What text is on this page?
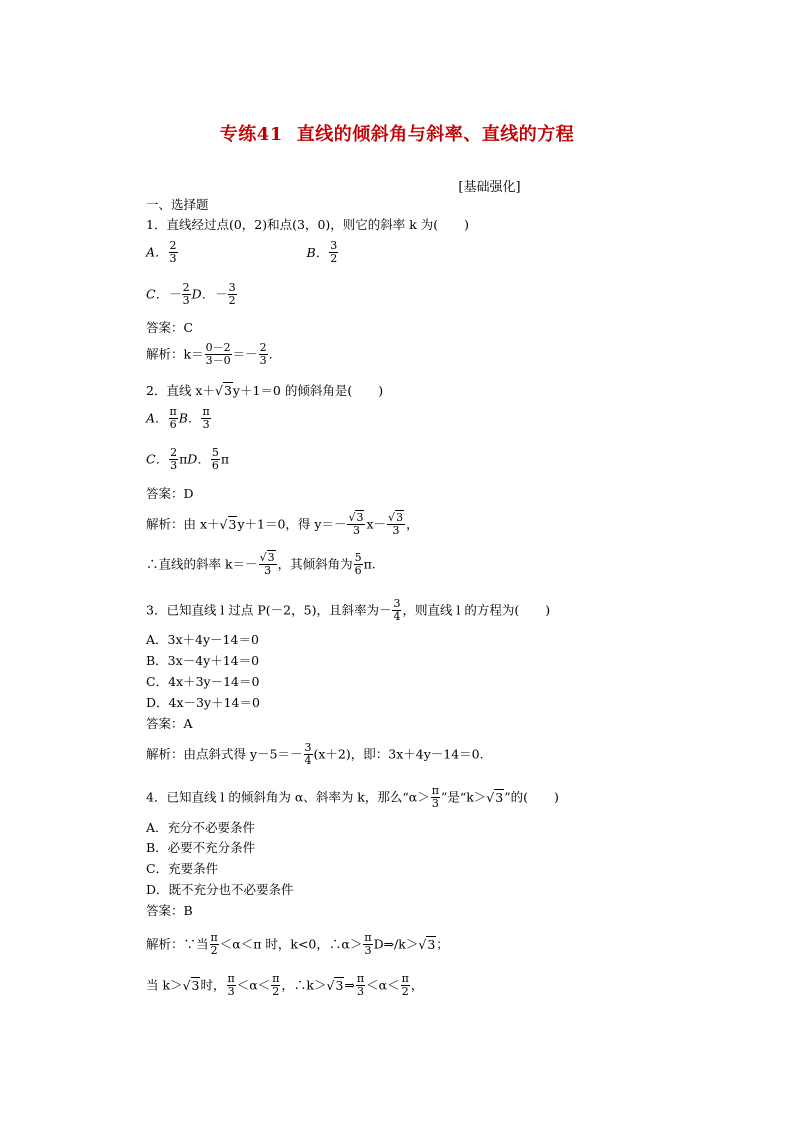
专练41 直线的倾斜角与斜率、直线的方程
[基础强化]
一、选择题
1．直线经过点(0，2)和点(3，0)，则它的斜率 k 为( )
A． $\frac{2}{3}$	B． $\frac{3}{2}$
C．－ $\frac{2}{3}$ D．－ $\frac{3}{2}$
答案：C
解析：$k= \frac{0-2}{3-0} =- \frac{2}{3}$ .
2．直线 x＋√3y＋1＝0 的倾斜角是( )
A． $\frac{\pi}{6}$ B． $\frac{\pi}{3}$
C． $\frac{2}{3}$ πD． $\frac{5}{6}$ π
答案：D
解析：由 x＋√3y＋1＝0，得 $y=- \frac{√3}{3} x- \frac{√3}{3}$ ，
∴直线的斜率 $k=- \frac{√3}{3}$ ，其倾斜角为 $\frac{5}{6} \pi$.
3．已知直线 l 过点 P(－2，5)，且斜率为－ $\frac{3}{4}$ ，则直线 l 的方程为( )
A．3x＋4y－14＝0
B．3x－4y＋14＝0
C．4x＋3y－14＝0
D．4x－3y＋14＝0
答案：A
解析：由点斜式得 $y-5=- \frac{3}{4} (x+2)$，即：3x＋4y－14＝0.
4．已知直线 l 的倾斜角为 α、斜率为 k，那么“$\alpha> \frac{\pi}{3}$ ”是“k＞√3”的( )
A．充分不必要条件
B．必要不充分条件
C．充要条件
D．既不充分也不必要条件
答案：B
解析：∵当 $\frac{\pi}{2} <\alpha<\pi$ 时，k<0，∴α＞ $\frac{\pi}{3}$ D⇒/k＞√3；
当 k＞√3时， $\frac{\pi}{3} <\alpha< \frac{\pi}{2}$ ，∴k＞√3⇒ $\frac{\pi}{3} <\alpha< \frac{\pi}{2}$ ，
